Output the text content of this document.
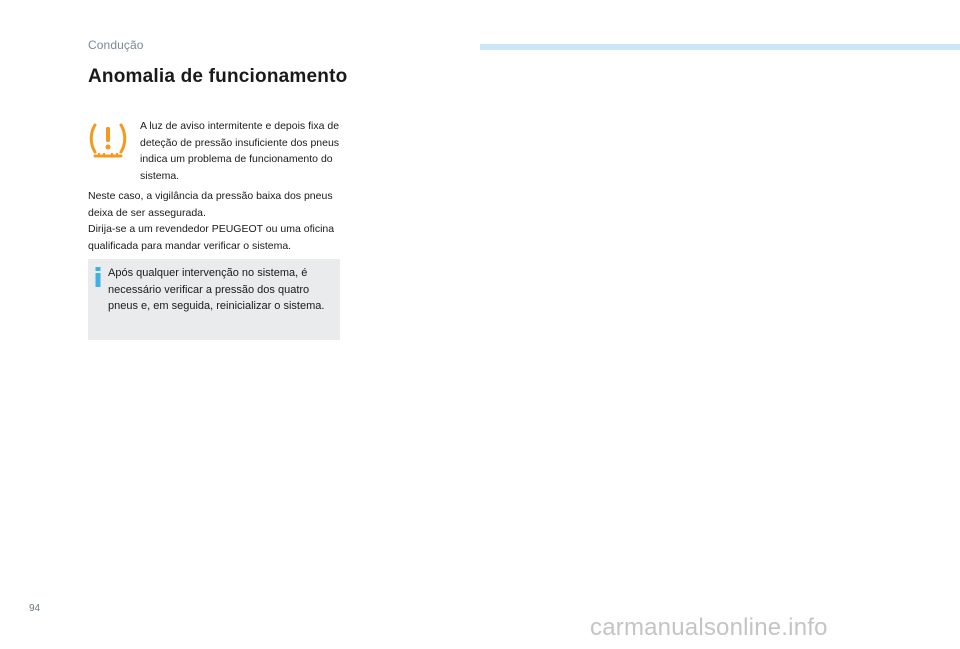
Condução
Anomalia de funcionamento
A luz de aviso intermitente e depois fixa de deteção de pressão insuficiente dos pneus indica um problema de funcionamento do sistema.

Neste caso, a vigilância da pressão baixa dos pneus deixa de ser assegurada.

Dirija-se a um revendedor PEUGEOT ou uma oficina qualificada para mandar verificar o sistema.

Após qualquer intervenção no sistema, é necessário verificar a pressão dos quatro pneus e, em seguida, reinicializar o sistema.
94
carmanualsonline.info
